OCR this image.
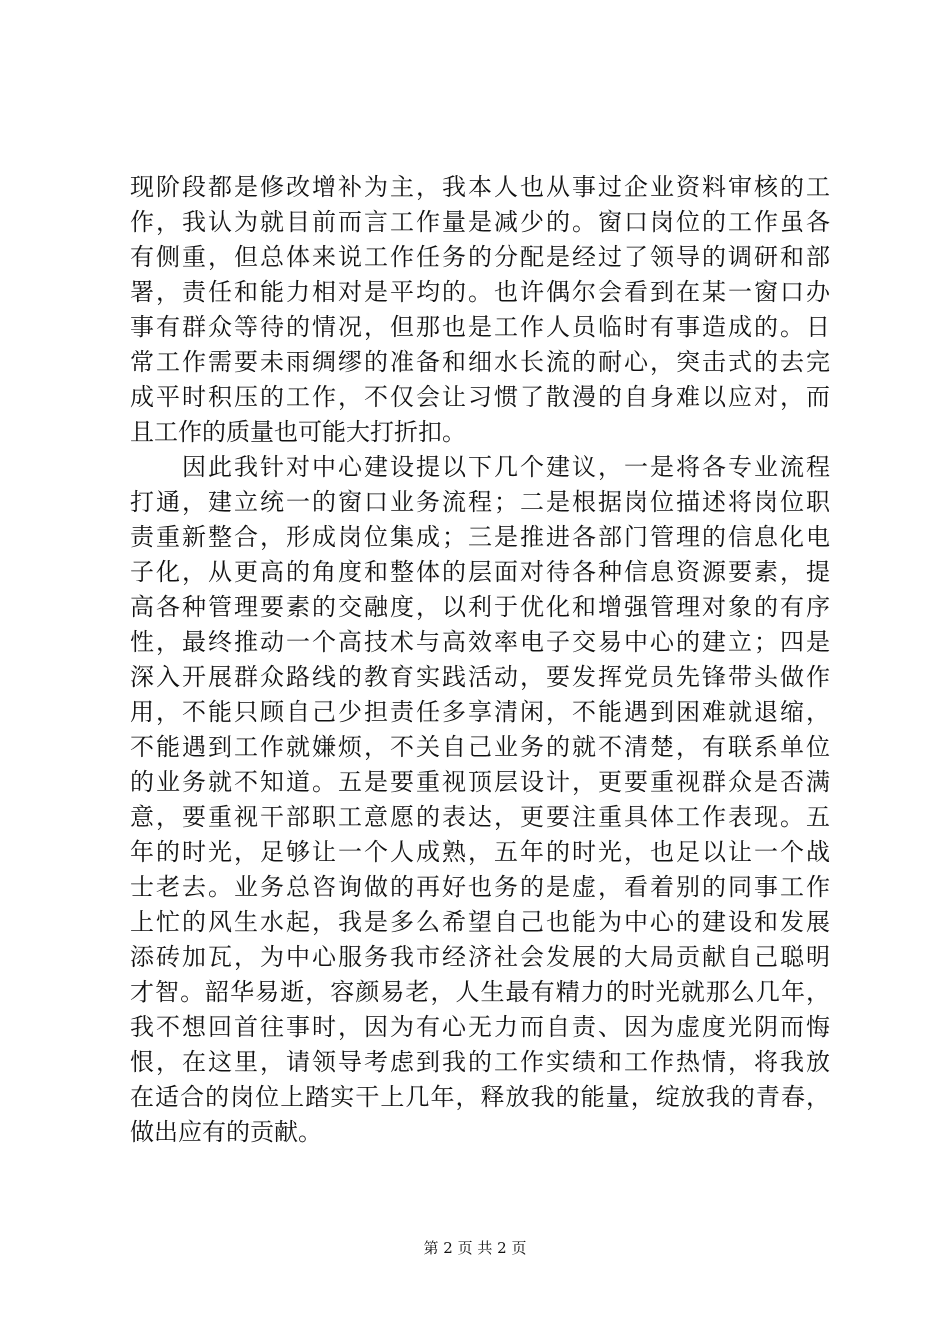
现阶段都是修改增补为主，我本人也从事过企业资料审核的工
作，我认为就目前而言工作量是减少的。窗口岗位的工作虽各
有侧重，但总体来说工作任务的分配是经过了领导的调研和部
署，责任和能力相对是平均的。也许偶尔会看到在某一窗口办
事有群众等待的情况，但那也是工作人员临时有事造成的。日
常工作需要未雨绸缪的准备和细水长流的耐心，突击式的去完
成平时积压的工作，不仅会让习惯了散漫的自身难以应对，而
且工作的质量也可能大打折扣。
　　因此我针对中心建设提以下几个建议，一是将各专业流程
打通，建立统一的窗口业务流程；二是根据岗位描述将岗位职
责重新整合，形成岗位集成；三是推进各部门管理的信息化电
子化，从更高的角度和整体的层面对待各种信息资源要素，提
高各种管理要素的交融度，以利于优化和增强管理对象的有序
性，最终推动一个高技术与高效率电子交易中心的建立；四是
深入开展群众路线的教育实践活动，要发挥党员先锋带头做作
用，不能只顾自己少担责任多享清闲，不能遇到困难就退缩，
不能遇到工作就嫌烦，不关自己业务的就不清楚，有联系单位
的业务就不知道。五是要重视顶层设计，更要重视群众是否满
意，要重视干部职工意愿的表达，更要注重具体工作表现。五
年的时光，足够让一个人成熟，五年的时光，也足以让一个战
士老去。业务总咨询做的再好也务的是虚，看着别的同事工作
上忙的风生水起，我是多么希望自己也能为中心的建设和发展
添砖加瓦，为中心服务我市经济社会发展的大局贡献自己聪明
才智。韶华易逝，容颜易老，人生最有精力的时光就那么几年，
我不想回首往事时，因为有心无力而自责、因为虚度光阴而悔
恨，在这里，请领导考虑到我的工作实绩和工作热情，将我放
在适合的岗位上踏实干上几年，释放我的能量，绽放我的青春，
做出应有的贡献。
第 2 页 共 2 页
